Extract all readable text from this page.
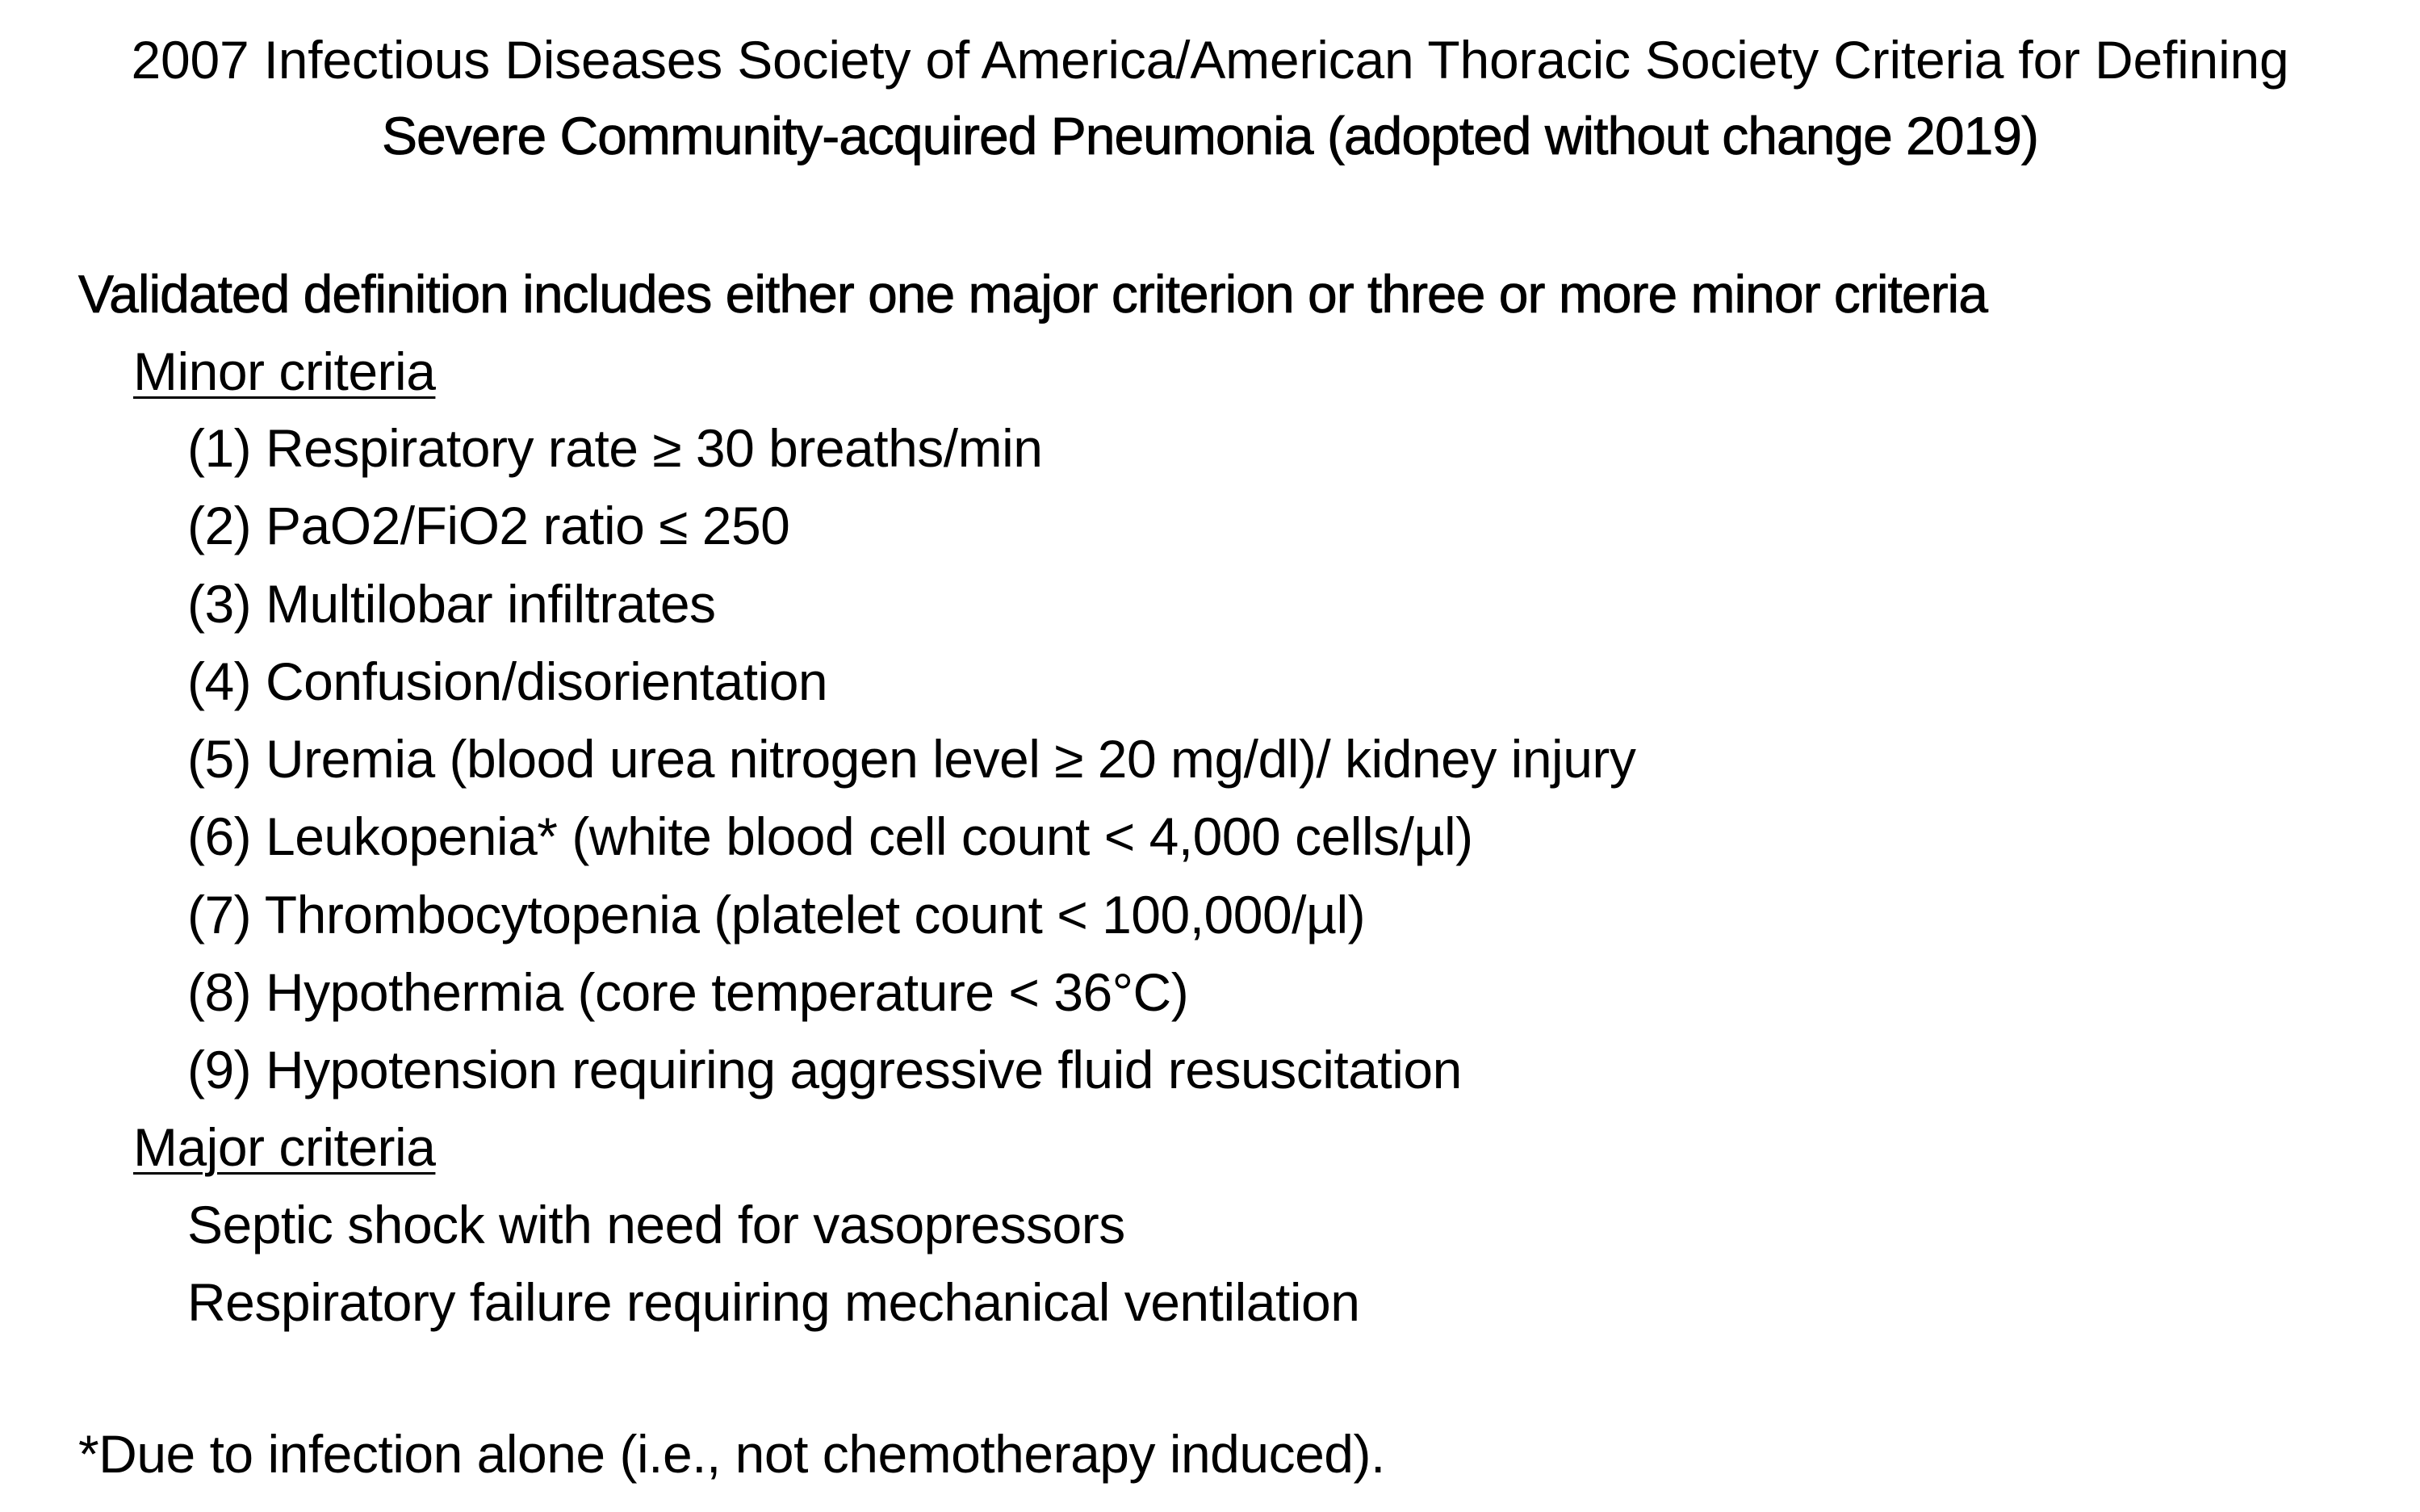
2007 Infectious Diseases Society of America/American Thoracic Society Criteria for Defining
Severe Community-acquired Pneumonia (adopted without change 2019)
Validated definition includes either one major criterion or three or more minor criteria
Minor criteria
(1) Respiratory rate ≥ 30 breaths/min
(2) PaO2/FiO2 ratio ≤ 250
(3) Multilobar infiltrates
(4) Confusion/disorientation
(5) Uremia (blood urea nitrogen level ≥ 20 mg/dl)/ kidney injury
(6) Leukopenia* (white blood cell count < 4,000 cells/µl)
(7) Thrombocytopenia (platelet count < 100,000/µl)
(8) Hypothermia (core temperature < 36°C)
(9) Hypotension requiring aggressive fluid resuscitation
Major criteria
Septic shock with need for vasopressors
Respiratory failure requiring mechanical ventilation
*Due to infection alone (i.e., not chemotherapy induced).
